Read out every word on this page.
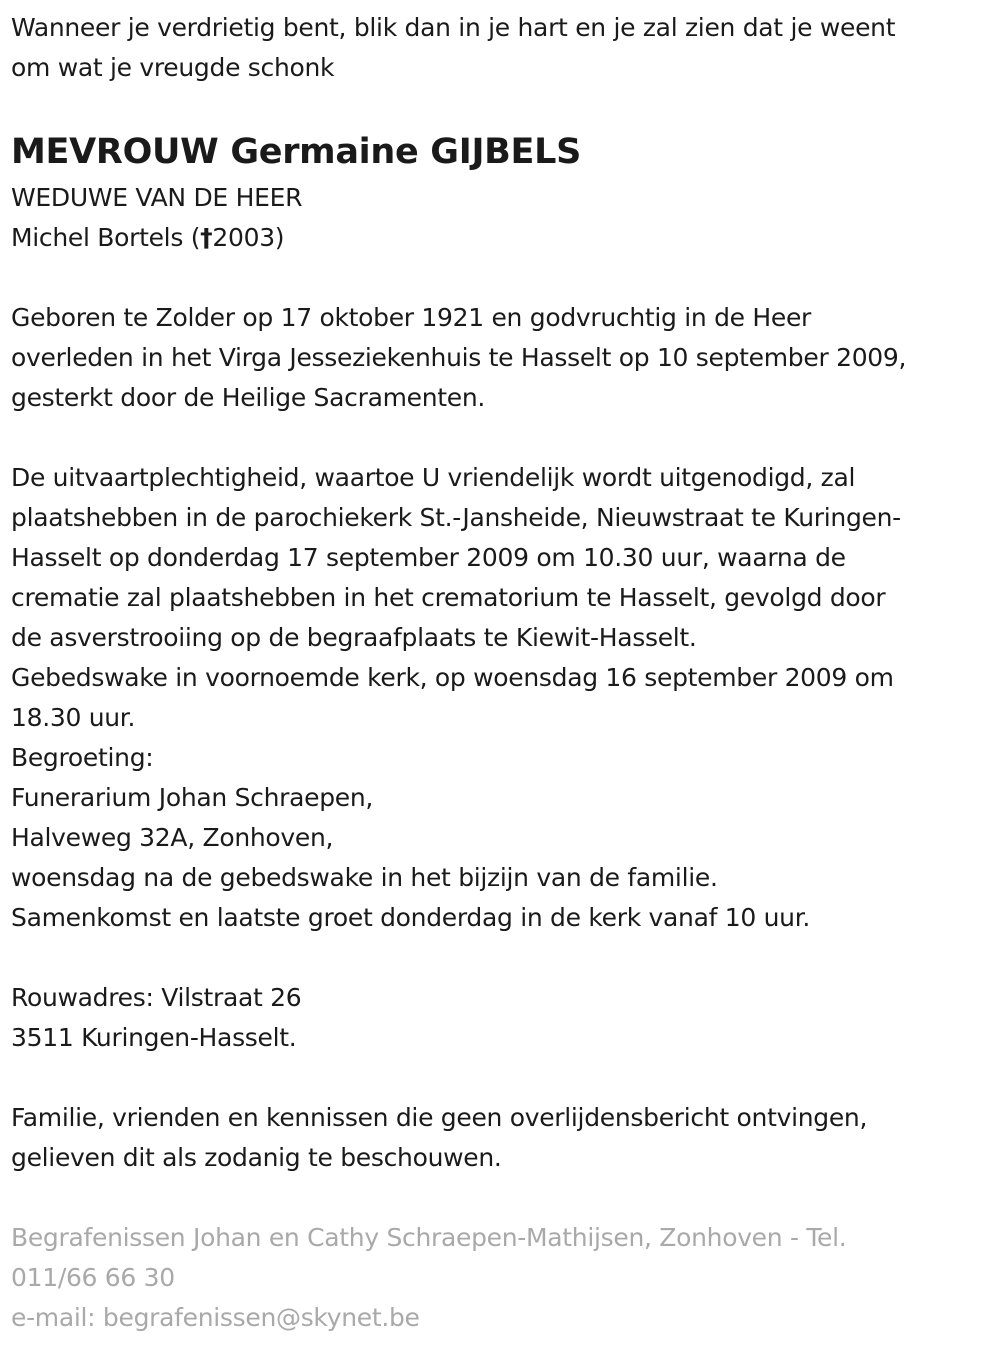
Wanneer je verdrietig bent, blik dan in je hart en je zal zien dat je weent
om wat je vreugde schonk
MEVROUW Germaine GIJBELS
WEDUWE VAN DE HEER
Michel Bortels (†2003)
Geboren te Zolder op 17 oktober 1921 en godvruchtig in de Heer
overleden in het Virga Jesseziekenhuis te Hasselt op 10 september 2009,
gesterkt door de Heilige Sacramenten.
De uitvaartplechtigheid, waartoe U vriendelijk wordt uitgenodigd, zal
plaatshebben in de parochiekerk St.-Jansheide, Nieuwstraat te Kuringen-
Hasselt op donderdag 17 september 2009 om 10.30 uur, waarna de
crematie zal plaatshebben in het crematorium te Hasselt, gevolgd door
de asverstrooiing op de begraafplaats te Kiewit-Hasselt.
Gebedswake in voornoemde kerk, op woensdag 16 september 2009 om
18.30 uur.
Begroeting:
Funerarium Johan Schraepen,
Halveweg 32A, Zonhoven,
woensdag na de gebedswake in het bijzijn van de familie.
Samenkomst en laatste groet donderdag in de kerk vanaf 10 uur.
Rouwadres: Vilstraat 26
3511 Kuringen-Hasselt.
Familie, vrienden en kennissen die geen overlijdensbericht ontvingen,
gelieven dit als zodanig te beschouwen.
Begrafenissen Johan en Cathy Schraepen-Mathijsen, Zonhoven - Tel.
011/66 66 30
e-mail: begrafenissen@skynet.be
